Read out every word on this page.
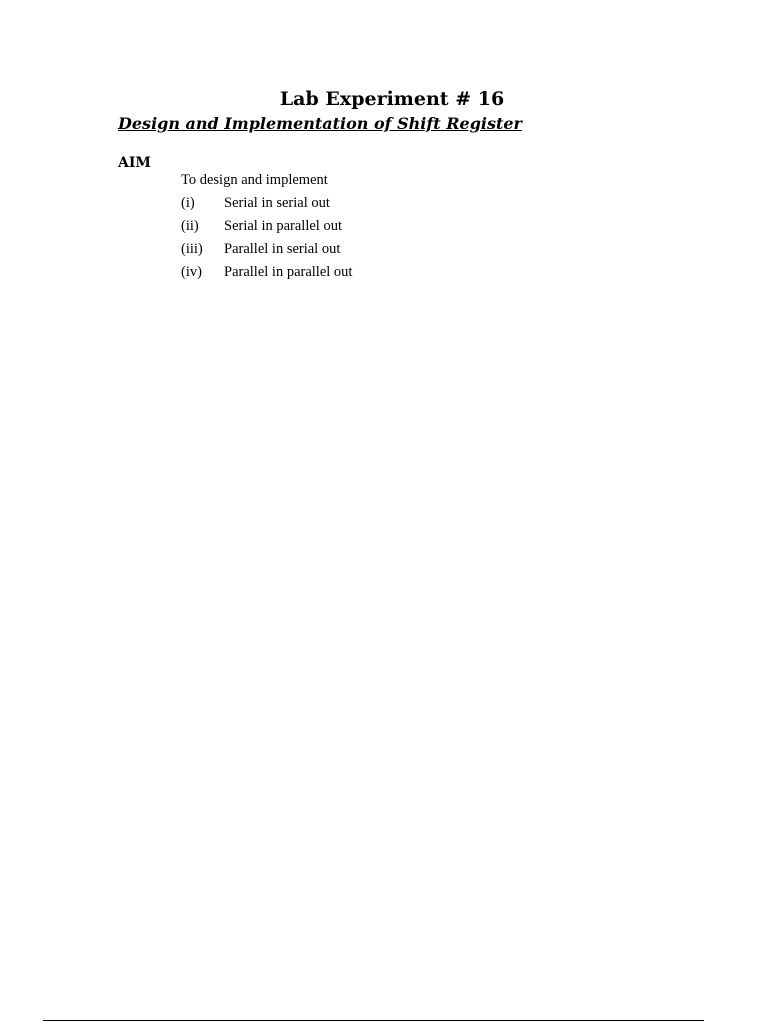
Lab Experiment # 16
Design and Implementation of Shift Register
AIM
To design and implement
(i) Serial in serial out
(ii) Serial in parallel out
(iii) Parallel in serial out
(iv) Parallel in parallel out
